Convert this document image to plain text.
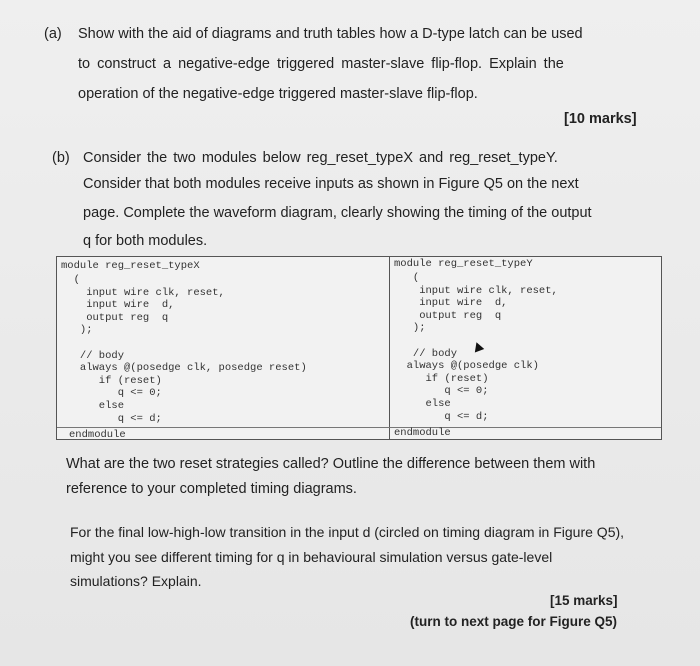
(a) Show with the aid of diagrams and truth tables how a D-type latch can be used
to construct a negative-edge triggered master-slave flip-flop. Explain the
operation of the negative-edge triggered master-slave flip-flop.
[10 marks]
(b) Consider the two modules below reg_reset_typeX and reg_reset_typeY.
Consider that both modules receive inputs as shown in Figure Q5 on the next
page. Complete the waveform diagram, clearly showing the timing of the output
q for both modules.
module reg_reset_typeX
(
input wire clk, reset,
input wire  d,
output reg  q
);

// body
always @(posedge clk, posedge reset)
if (reset)
q <= 0;
else
q <= d;
endmodule
module reg_reset_typeY
(
input wire clk, reset,
input wire  d,
output reg  q
);

// body
always @(posedge clk)
if (reset)
q <= 0;
else
q <= d;
endmodule
What are the two reset strategies called? Outline the difference between them with
reference to your completed timing diagrams.
For the final low-high-low transition in the input d (circled on timing diagram in Figure Q5),
might you see different timing for q in behavioural simulation versus gate-level
simulations? Explain.
[15 marks]
(turn to next page for Figure Q5)
